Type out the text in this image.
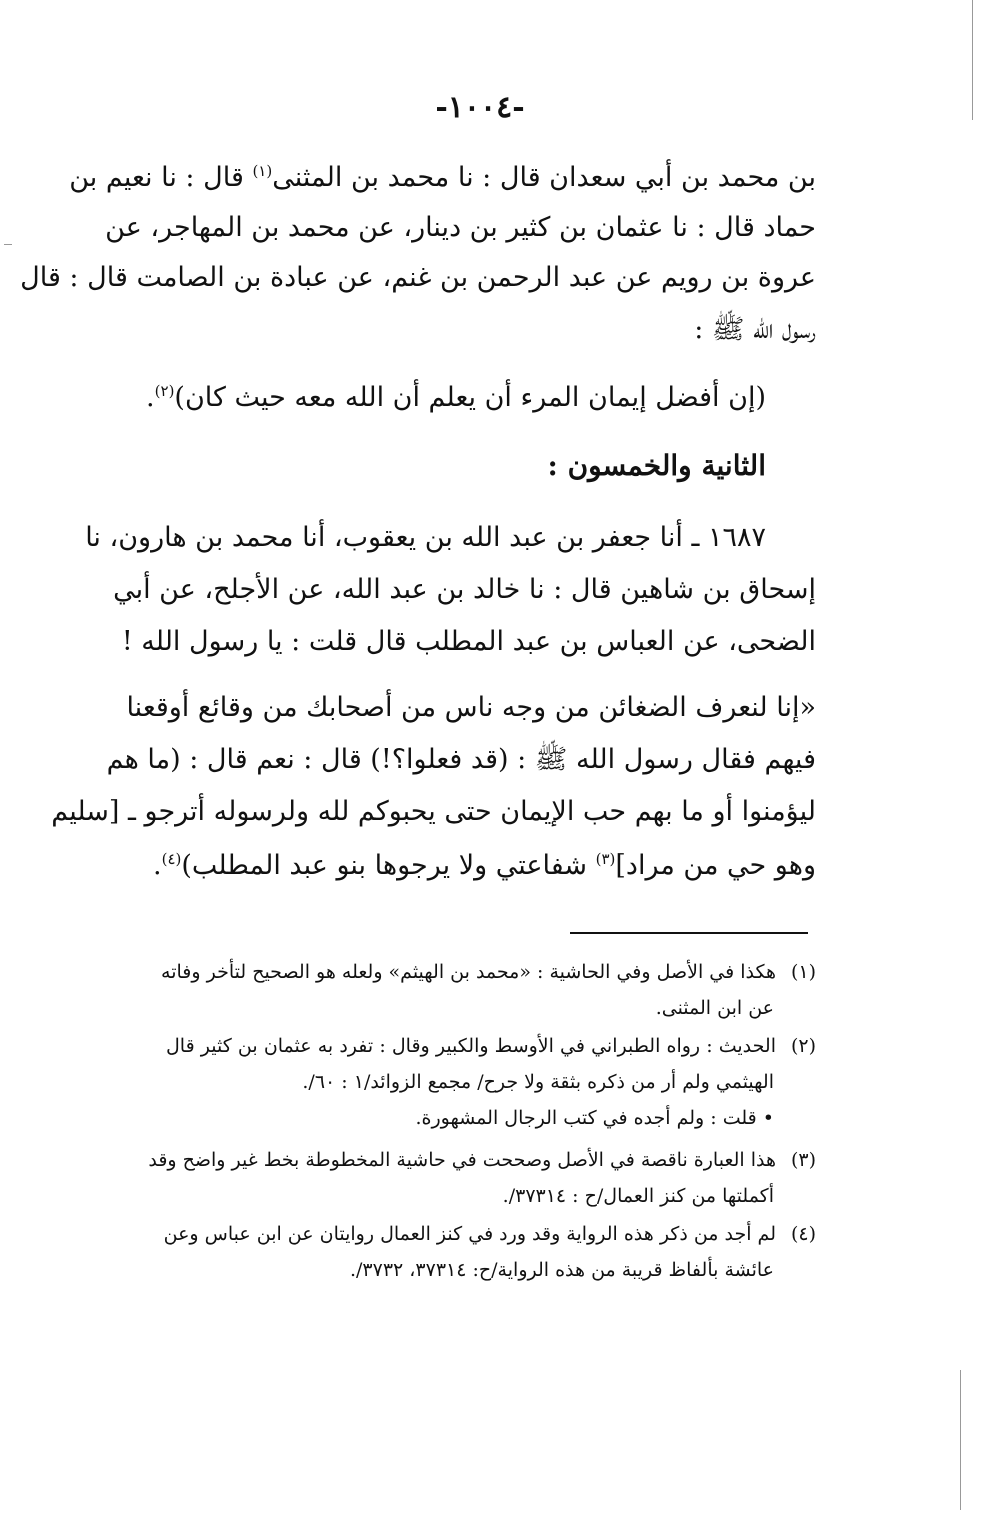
-١٠٠٤-
بن محمد بن أبي سعدان قال : نا محمد بن المثنى$^{(١)}$ قال : نا نعيم بن
حماد قال : نا عثمان بن كثير بن دينار، عن محمد بن المهاجر، عن
عروة بن رويم عن عبد الرحمن بن غنم، عن عبادة بن الصامت قال : قال
رسول الله ﷺ :
(إن أفضل إيمان المرء أن يعلم أن الله معه حيث كان)$^{(٢)}$.
الثانية والخمسون :
١٦٨٧ ـ أنا جعفر بن عبد الله بن يعقوب، أنا محمد بن هارون، نا
إسحاق بن شاهين قال : نا خالد بن عبد الله، عن الأجلح، عن أبي
الضحى، عن العباس بن عبد المطلب قال قلت : يا رسول الله !
«إنا لنعرف الضغائن من وجه ناس من أصحابك من وقائع أوقعنا
فيهم فقال رسول الله ﷺ : (قد فعلوا؟!) قال : نعم قال : (ما هم
ليؤمنوا أو ما بهم حب الإيمان حتى يحبوكم لله ولرسوله أترجو ـ [سليم
وهو حي من مراد]$^{(٣)}$ شفاعتي ولا يرجوها بنو عبد المطلب)$^{(٤)}$.
(١)هكذا في الأصل وفي الحاشية : «محمد بن الهيثم» ولعله هو الصحيح لتأخر وفاته
عن ابن المثنى.
(٢)الحديث : رواه الطبراني في الأوسط والكبير وقال : تفرد به عثمان بن كثير قال
الهيثمي ولم أر من ذكره بثقة ولا جرح/ مجمع الزوائد/١ : ٦٠/.
• قلت : ولم أجده في كتب الرجال المشهورة.
(٣)هذا العبارة ناقصة في الأصل وصححت في حاشية المخطوطة بخط غير واضح وقد
أكملتها من كنز العمال/ح : ٣٧٣١٤/.
(٤)لم أجد من ذكر هذه الرواية وقد ورد في كنز العمال روايتان عن ابن عباس وعن
عائشة بألفاظ قريبة من هذه الرواية/ح: ٣٧٣١٤، ٣٧٣٢/.
